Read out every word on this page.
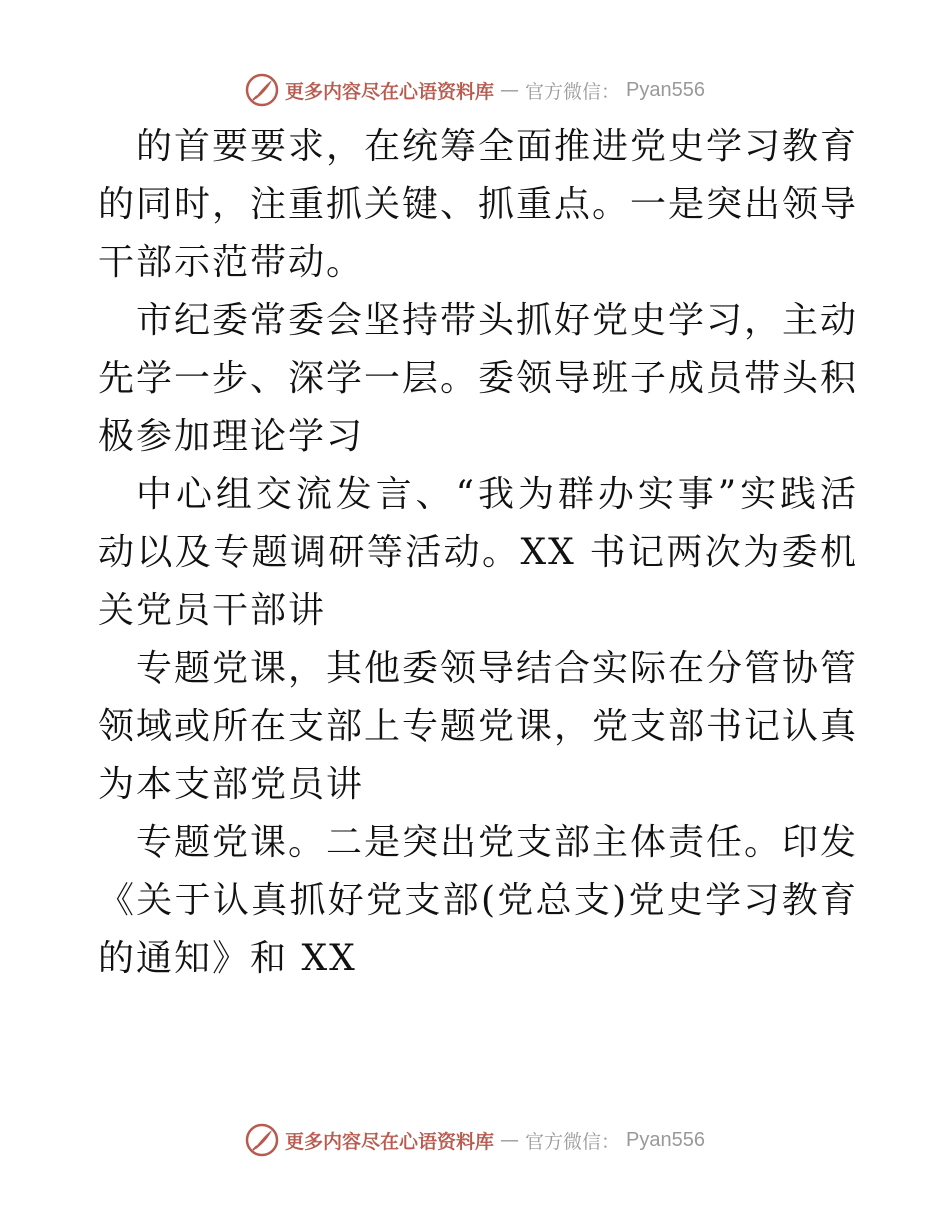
更多内容尽在心语资料库 — 官方微信： Pyan556

的首要要求，在统筹全面推进党史学习教育的同时，注重抓关键、抓重点。一是突出领导干部示范带动。

市纪委常委会坚持带头抓好党史学习，主动先学一步、深学一层。委领导班子成员带头积极参加理论学习

中心组交流发言、“我为群办实事”实践活动以及专题调研等活动。XX 书记两次为委机关党员干部讲

专题党课，其他委领导结合实际在分管协管领域或所在支部上专题党课，党支部书记认真为本支部党员讲

专题党课。二是突出党支部主体责任。印发《关于认真抓好党支部(党总支)党史学习教育的通知》和 XX

更多内容尽在心语资料库 — 官方微信： Pyan556
